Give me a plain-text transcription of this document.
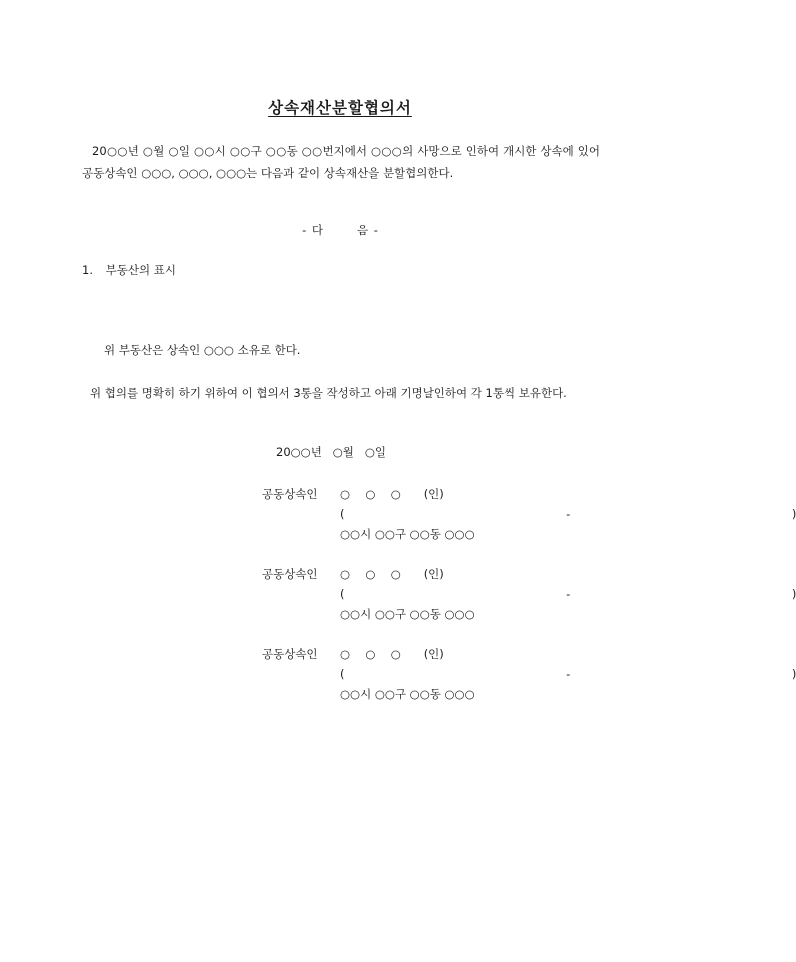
상속재산분할협의서
20○○년 ○월 ○일 ○○시 ○○구 ○○동 ○○번지에서 ○○○의 사망으로 인하여 개시한 상속에 있어 공동상속인 ○○○, ○○○, ○○○는 다음과 같이 상속재산을 분할협의한다.
- 다      음 -
1. 부동산의 표시
위 부동산은 상속인 ○○○ 소유로 한다.
위 협의를 명확히 하기 위하여 이 협의서 3통을 작성하고 아래 기명날인하여 각 1통씩 보유한다.
20○○년   ○월   ○일
공동상속인	○  ○  ○   (인)
(       -       )
○○시 ○○구 ○○동 ○○○
공동상속인	○  ○  ○   (인)
(       -       )
○○시 ○○구 ○○동 ○○○
공동상속인	○  ○  ○   (인)
(       -       )
○○시 ○○구 ○○동 ○○○
